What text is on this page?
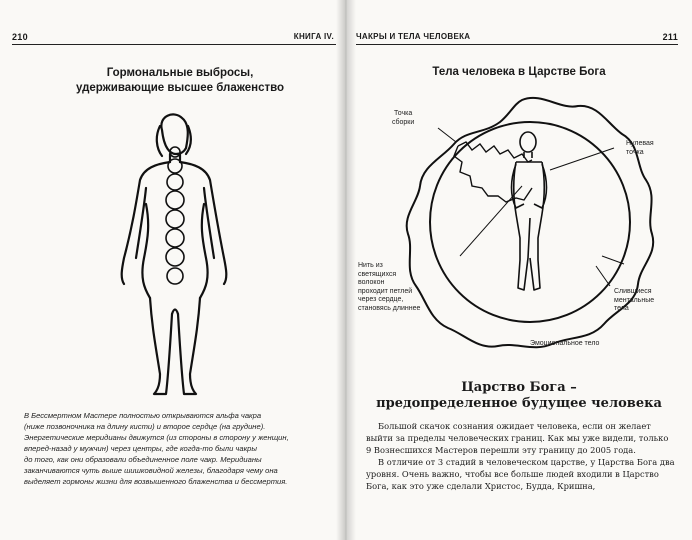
210	КНИГА IV.
Гормональные выбросы,
удерживающие высшее блаженство

В Бессмертном Мастере полностью открываются альфа чакра

(ниже позвоночника на длину кисти) и второе сердце (на грудине).

Энергетические меридианы движутся (из стороны в сторону у женщин,

вперед-назад у мужчин) через центры, где когда-то были чакры

до того, как они образовали объединенное поле чакр. Меридианы

заканчиваются чуть выше шишковидной железы, благодаря чему она

выделяет гормоны жизни для возвышенного блаженства и бессмертия.

ЧАКРЫ И ТЕЛА ЧЕЛОВЕКА	211
Тела человека в Царстве Бога
Точка
сборки
Нулевая
точка
Нить из
светящихся
волокон
проходит петлей
через сердце,
становясь длиннее
Слившиеся
ментальные
тела
Эмоциональное тело
Царство Бога –
предопределенное будущее человека

Большой скачок сознания ожидает человека, если он желает выйти за пределы человеческих границ. Как мы уже видели, только 9 Вознесшихся Мастеров перешли эту границу до 2005 года.

В отличие от 3 стадий в человеческом царстве, у Царства Бога два уровня. Очень важно, чтобы все больше людей входили в Царство Бога, как это уже сделали Христос, Будда, Кришна,
